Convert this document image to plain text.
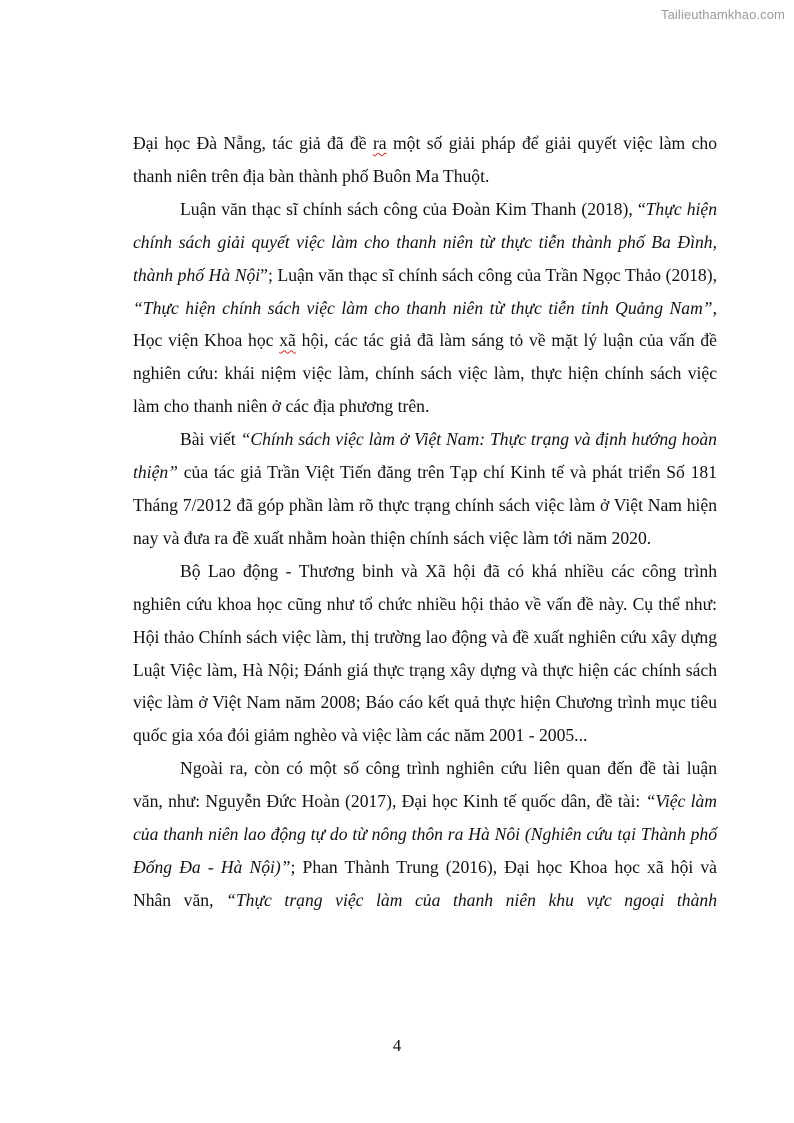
Tailieuthamkhao.com

Đại học Đà Nẵng, tác giả đã đề ra một số giải pháp để giải quyết việc làm cho thanh niên trên địa bàn thành phố Buôn Ma Thuột.

Luận văn thạc sĩ chính sách công của Đoàn Kim Thanh (2018), “Thực hiện chính sách giải quyết việc làm cho thanh niên từ thực tiễn thành phố Ba Đình, thành phố Hà Nội”; Luận văn thạc sĩ chính sách công của Trần Ngọc Thảo (2018), “Thực hiện chính sách việc làm cho thanh niên từ thực tiễn tỉnh Quảng Nam”, Học viện Khoa học xã hội, các tác giả đã làm sáng tỏ về mặt lý luận của vấn đề nghiên cứu: khái niệm việc làm, chính sách việc làm, thực hiện chính sách việc làm cho thanh niên ở các địa phương trên.

Bài viết “Chính sách việc làm ở Việt Nam: Thực trạng và định hướng hoàn thiện” của tác giả Trần Việt Tiến đăng trên Tạp chí Kinh tế và phát triển Số 181 Tháng 7/2012 đã góp phần làm rõ thực trạng chính sách việc làm ở Việt Nam hiện nay và đưa ra đề xuất nhằm hoàn thiện chính sách việc làm tới năm 2020.

Bộ Lao động - Thương binh và Xã hội đã có khá nhiều các công trình nghiên cứu khoa học cũng như tổ chức nhiều hội thảo về vấn đề này. Cụ thể như: Hội thảo Chính sách việc làm, thị trường lao động và đề xuất nghiên cứu xây dựng Luật Việc làm, Hà Nội; Đánh giá thực trạng xây dựng và thực hiện các chính sách việc làm ở Việt Nam năm 2008; Báo cáo kết quả thực hiện Chương trình mục tiêu quốc gia xóa đói giảm nghèo và việc làm các năm 2001 - 2005...

Ngoài ra, còn có một số công trình nghiên cứu liên quan đến đề tài luận văn, như: Nguyễn Đức Hoàn (2017), Đại học Kinh tế quốc dân, đề tài: “Việc làm của thanh niên lao động tự do từ nông thôn ra Hà Nôi (Nghiên cứu tại Thành phố Đống Đa - Hà Nội)”; Phan Thành Trung (2016), Đại học Khoa học xã hội và Nhân văn, “Thực trạng việc làm của thanh niên khu vực ngoại thành

4
